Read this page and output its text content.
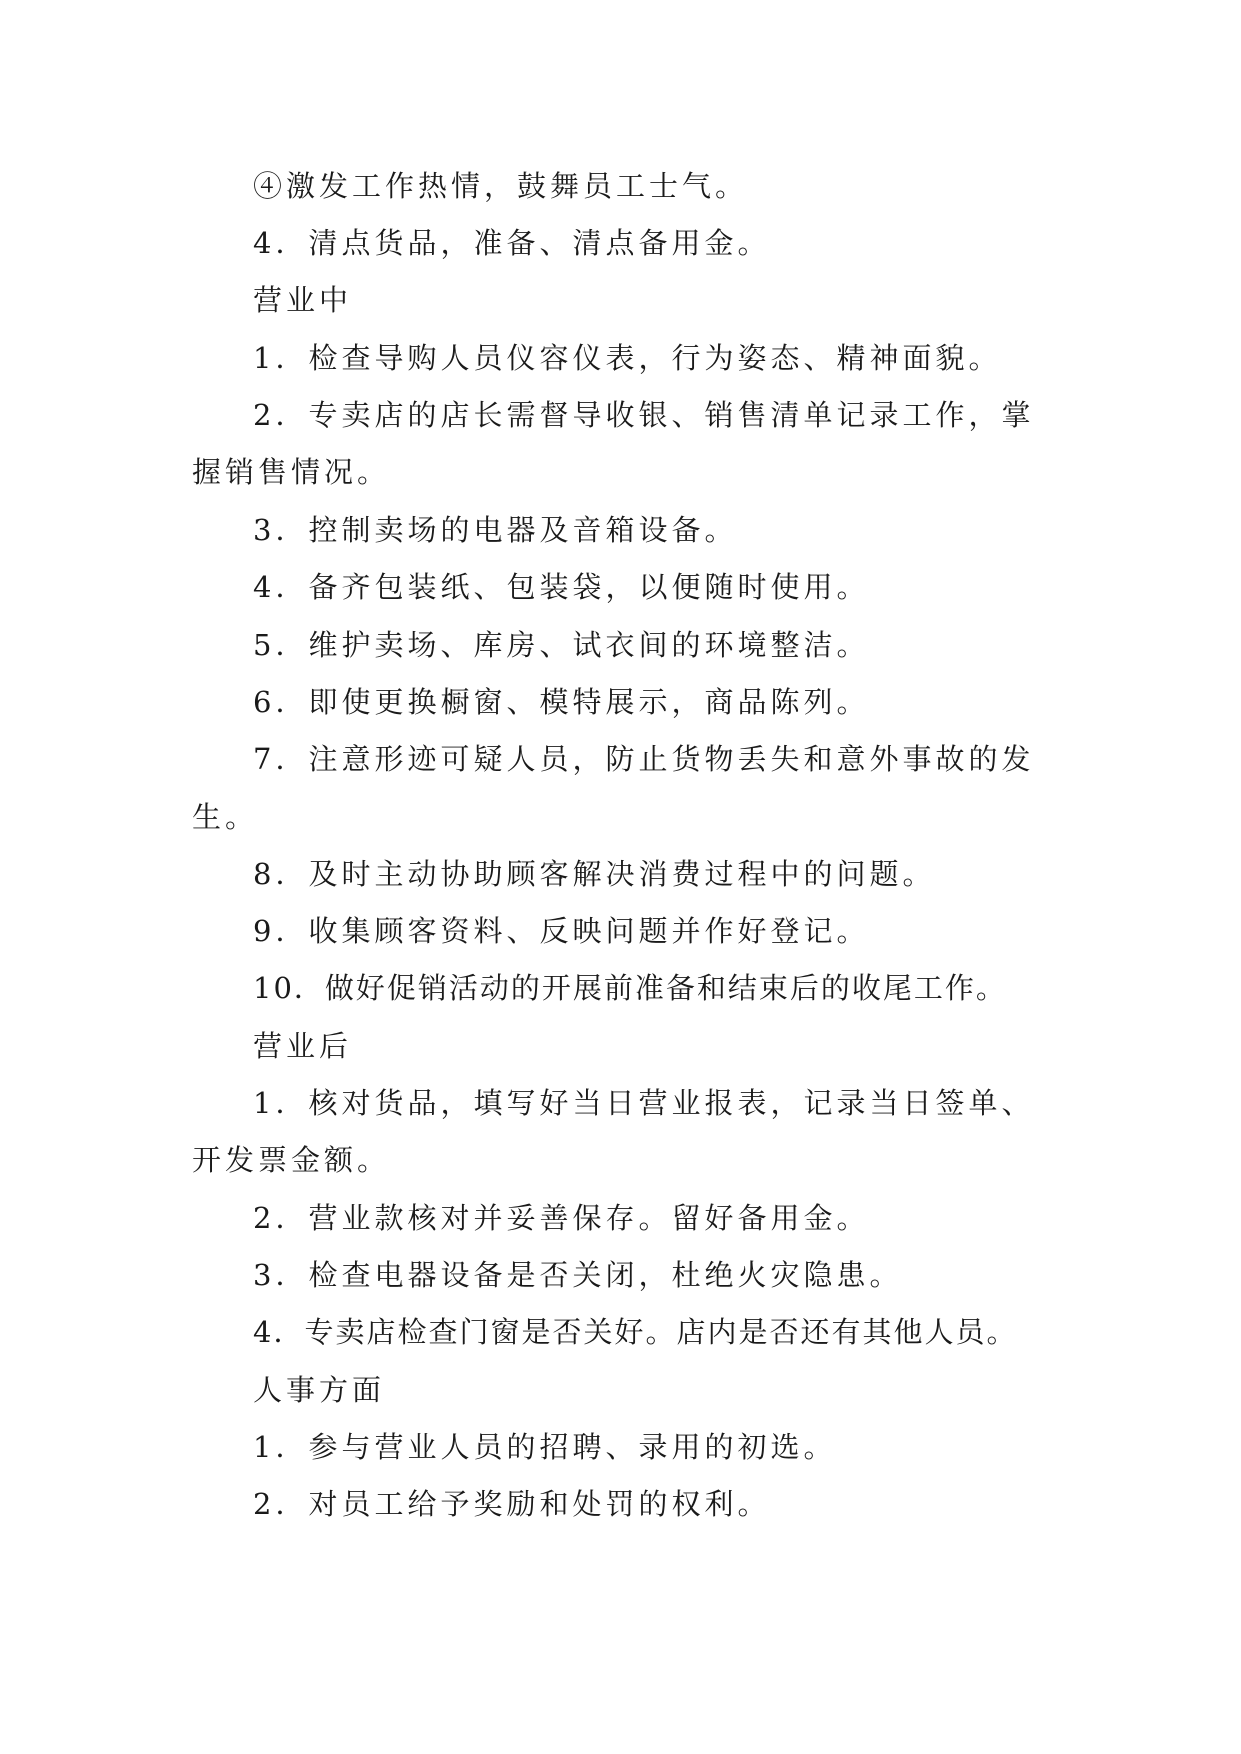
④激发工作热情，鼓舞员工士气。
4．清点货品，准备、清点备用金。
营业中
1．检查导购人员仪容仪表，行为姿态、精神面貌。
2．专卖店的店长需督导收银、销售清单记录工作，掌
握销售情况。
3．控制卖场的电器及音箱设备。
4．备齐包装纸、包装袋，以便随时使用。
5．维护卖场、库房、试衣间的环境整洁。
6．即使更换橱窗、模特展示，商品陈列。
7．注意形迹可疑人员，防止货物丢失和意外事故的发
生。
8．及时主动协助顾客解决消费过程中的问题。
9．收集顾客资料、反映问题并作好登记。
10．做好促销活动的开展前准备和结束后的收尾工作。
营业后
1．核对货品，填写好当日营业报表，记录当日签单、
开发票金额。
2．营业款核对并妥善保存。留好备用金。
3．检查电器设备是否关闭，杜绝火灾隐患。
4．专卖店检查门窗是否关好。店内是否还有其他人员。
人事方面
1．参与营业人员的招聘、录用的初选。
2．对员工给予奖励和处罚的权利。
